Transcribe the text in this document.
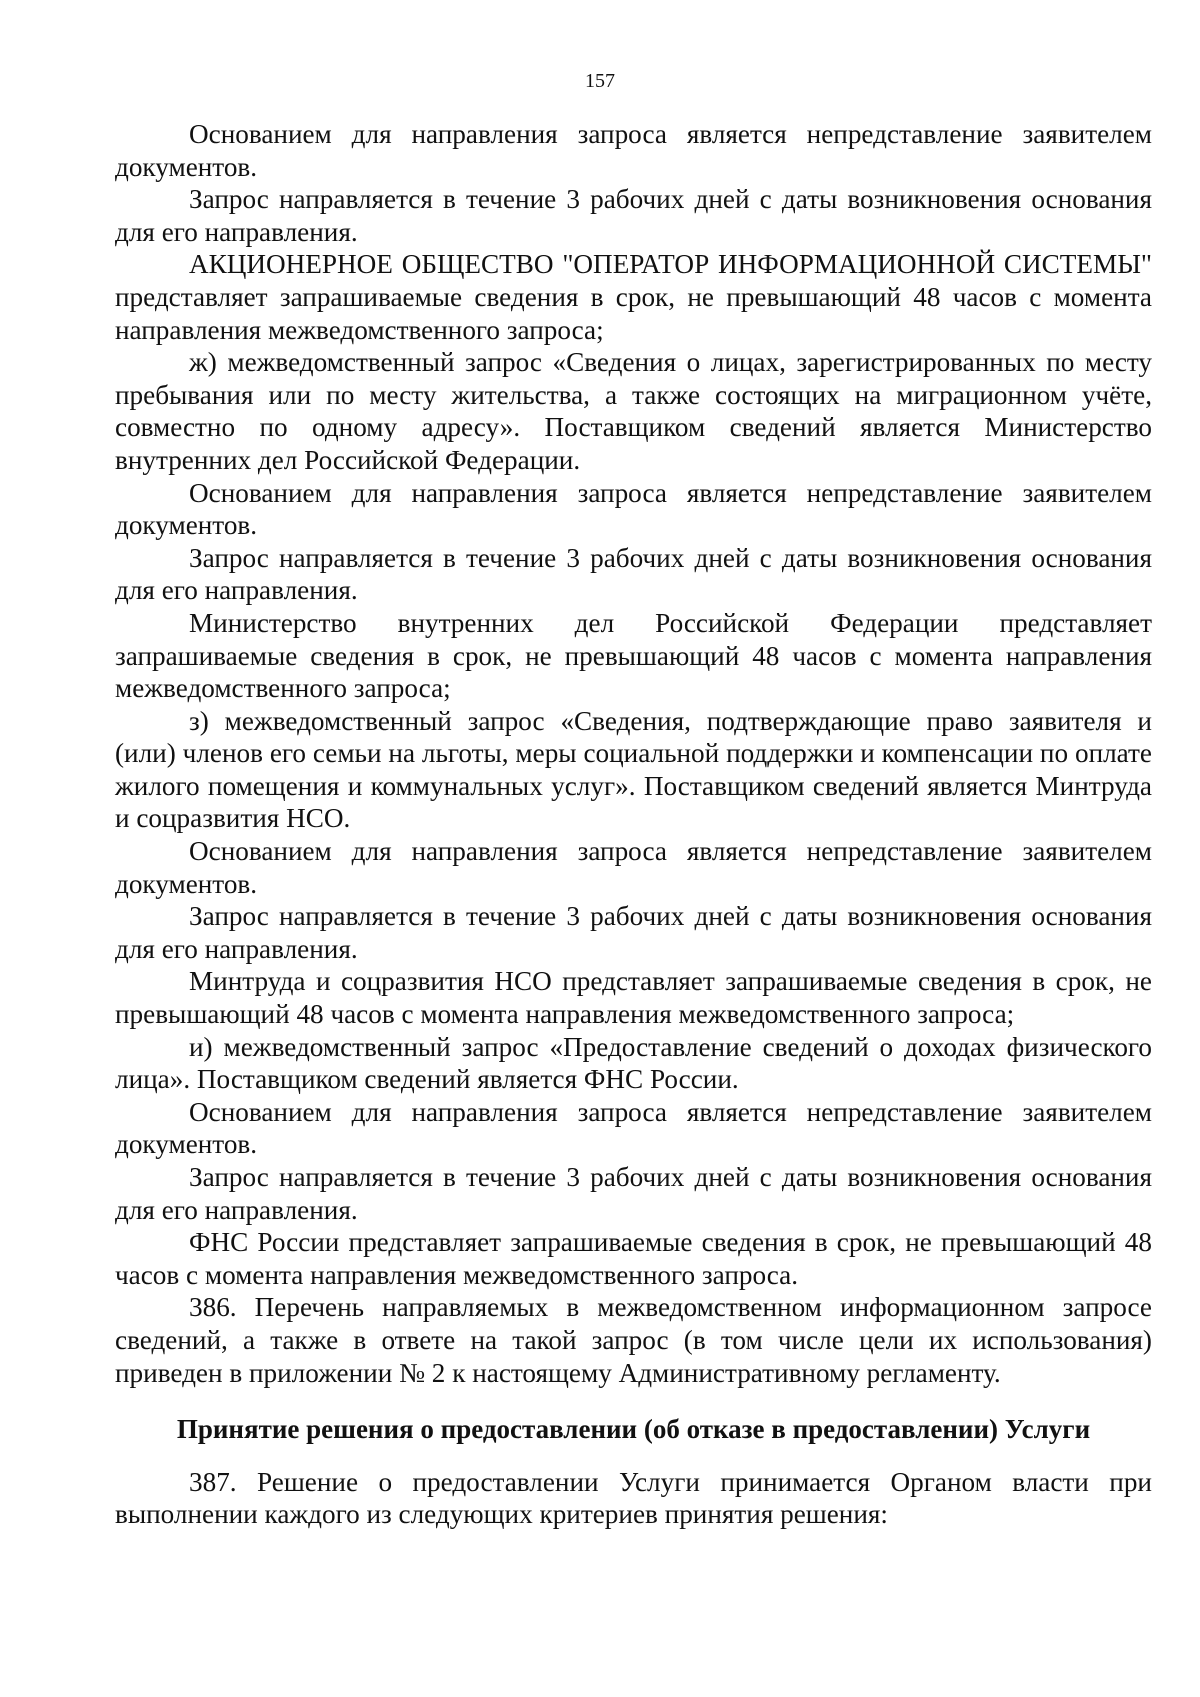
157

Основанием для направления запроса является непредставление заявителем документов.

Запрос направляется в течение 3 рабочих дней с даты возникновения основания для его направления.

АКЦИОНЕРНОЕ ОБЩЕСТВО "ОПЕРАТОР ИНФОРМАЦИОННОЙ СИСТЕМЫ" представляет запрашиваемые сведения в срок, не превышающий 48 часов с момента направления межведомственного запроса;

ж) межведомственный запрос «Сведения о лицах, зарегистрированных по месту пребывания или по месту жительства, а также состоящих на миграционном учёте, совместно по одному адресу». Поставщиком сведений является Министерство внутренних дел Российской Федерации.

Основанием для направления запроса является непредставление заявителем документов.

Запрос направляется в течение 3 рабочих дней с даты возникновения основания для его направления.

Министерство внутренних дел Российской Федерации представляет запрашиваемые сведения в срок, не превышающий 48 часов с момента направления межведомственного запроса;

з) межведомственный запрос «Сведения, подтверждающие право заявителя и (или) членов его семьи на льготы, меры социальной поддержки и компенсации по оплате жилого помещения и коммунальных услуг». Поставщиком сведений является Минтруда и соцразвития НСО.

Основанием для направления запроса является непредставление заявителем документов.

Запрос направляется в течение 3 рабочих дней с даты возникновения основания для его направления.

Минтруда и соцразвития НСО представляет запрашиваемые сведения в срок, не превышающий 48 часов с момента направления межведомственного запроса;

и) межведомственный запрос «Предоставление сведений о доходах физического лица». Поставщиком сведений является ФНС России.

Основанием для направления запроса является непредставление заявителем документов.

Запрос направляется в течение 3 рабочих дней с даты возникновения основания для его направления.

ФНС России представляет запрашиваемые сведения в срок, не превышающий 48 часов с момента направления межведомственного запроса.

386. Перечень направляемых в межведомственном информационном запросе сведений, а также в ответе на такой запрос (в том числе цели их использования) приведен в приложении № 2 к настоящему Административному регламенту.

Принятие решения о предоставлении (об отказе в предоставлении) Услуги

387. Решение о предоставлении Услуги принимается Органом власти при выполнении каждого из следующих критериев принятия решения:
